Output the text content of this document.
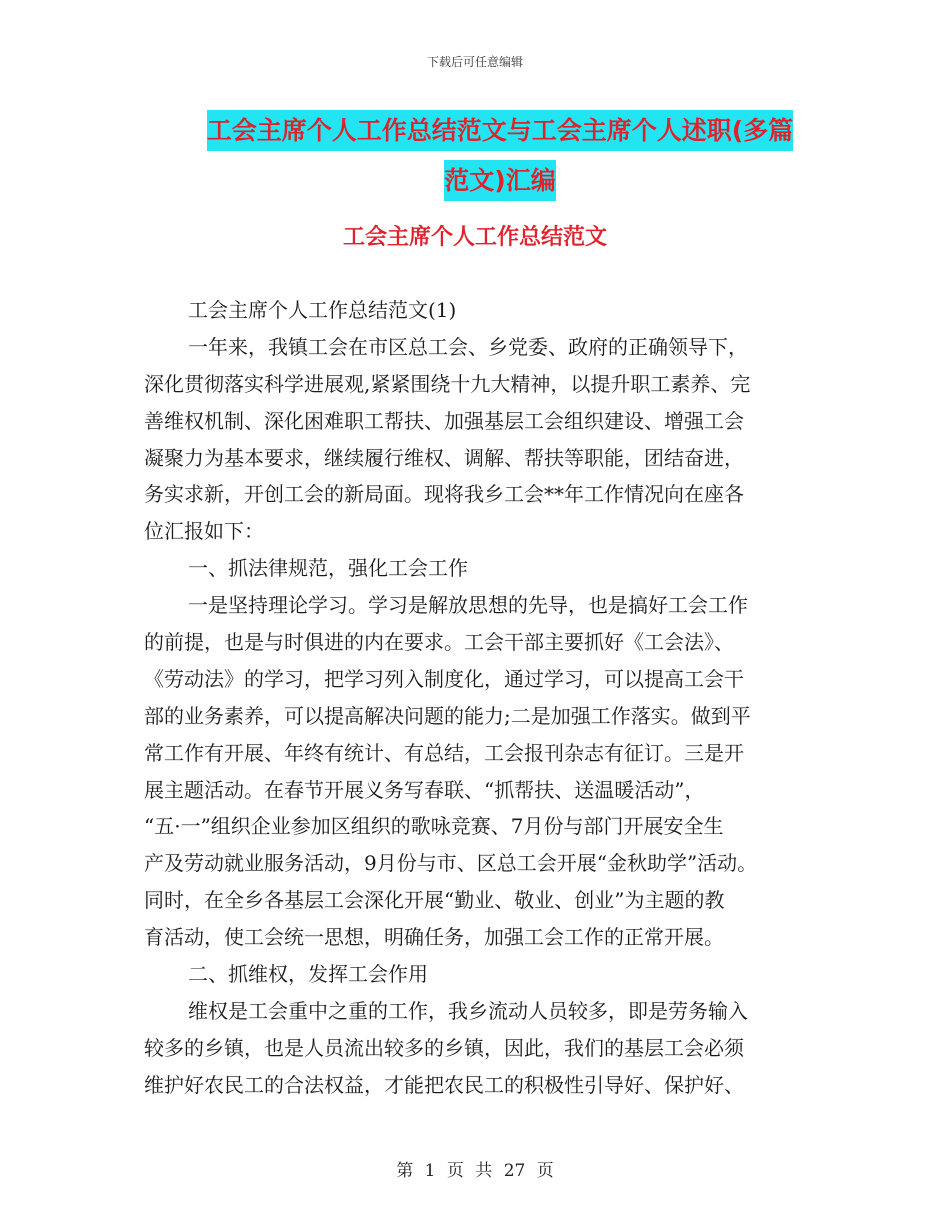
下载后可任意编辑
工会主席个人工作总结范文与工会主席个人述职(多篇
范文)汇编
工会主席个人工作总结范文
工会主席个人工作总结范文(1)
一年来，我镇工会在市区总工会、乡党委、政府的正确领导下，
深化贯彻落实科学进展观,紧紧围绕十九大精神，以提升职工素养、完
善维权机制、深化困难职工帮扶、加强基层工会组织建设、增强工会
凝聚力为基本要求，继续履行维权、调解、帮扶等职能，团结奋进，
务实求新，开创工会的新局面。现将我乡工会**年工作情况向在座各
位汇报如下：
一、抓法律规范，强化工会工作
一是坚持理论学习。学习是解放思想的先导，也是搞好工会工作
的前提，也是与时俱进的内在要求。工会干部主要抓好《工会法》、
《劳动法》的学习，把学习列入制度化，通过学习，可以提高工会干
部的业务素养，可以提高解决问题的能力;二是加强工作落实。做到平
常工作有开展、年终有统计、有总结，工会报刊杂志有征订。三是开
展主题活动。在春节开展义务写春联、“抓帮扶、送温暖活动”，
“五·一”组织企业参加区组织的歌咏竞赛、7月份与部门开展安全生
产及劳动就业服务活动，9月份与市、区总工会开展“金秋助学”活动。
同时，在全乡各基层工会深化开展“勤业、敬业、创业”为主题的教
育活动，使工会统一思想，明确任务，加强工会工作的正常开展。
二、抓维权，发挥工会作用
维权是工会重中之重的工作，我乡流动人员较多，即是劳务输入
较多的乡镇，也是人员流出较多的乡镇，因此，我们的基层工会必须
维护好农民工的合法权益，才能把农民工的积极性引导好、保护好、
第 1 页 共 27 页
